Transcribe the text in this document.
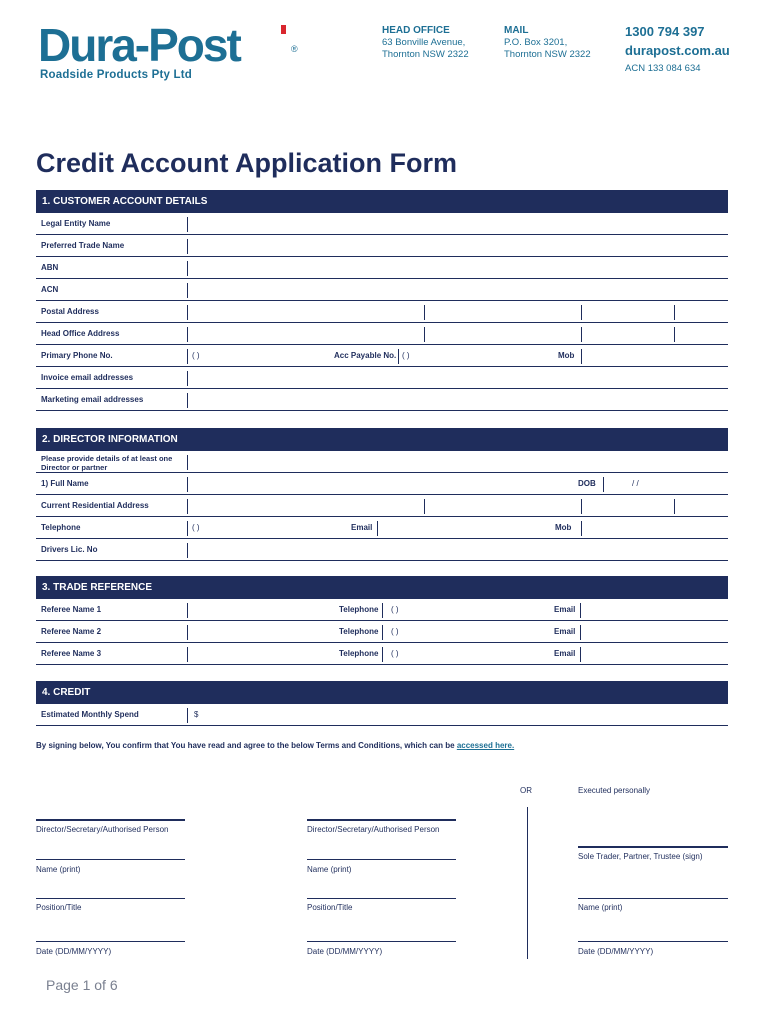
Dura-Post	®
Roadside Products Pty Ltd
HEAD OFFICE
63 Bonville Avenue,
Thornton NSW 2322
MAIL
P.O. Box 3201,
Thornton NSW 2322
1300 794 397
durapost.com.au
ACN 133 084 634
Credit Account Application Form
1. CUSTOMER ACCOUNT DETAILS
Legal Entity Name
Preferred Trade Name
ABN
ACN
Postal Address
Head Office Address
Primary Phone No.	( )	Acc Payable No. ( )	Mob
Invoice email addresses
Marketing email addresses
2. DIRECTOR INFORMATION
Please provide details of at least one Director or partner
1) Full Name	DOB	/ /
Current Residential Address
Telephone	( )	Email	Mob
Drivers Lic. No
3. TRADE REFERENCE
Referee Name 1	Telephone ( )	Email
Referee Name 2	Telephone ( )	Email
Referee Name 3	Telephone ( )	Email
4. CREDIT
Estimated Monthly Spend	$
By signing below, You confirm that You have read and agree to the below Terms and Conditions, which can be accessed here.
OR	Executed personally
Director/Secretary/Authorised Person
Name (print)
Position/Title
Date (DD/MM/YYYY)
Director/Secretary/Authorised Person
Name (print)
Position/Title
Date (DD/MM/YYYY)
Sole Trader, Partner, Trustee (sign)
Name (print)
Date (DD/MM/YYYY)
Page 1 of 6
